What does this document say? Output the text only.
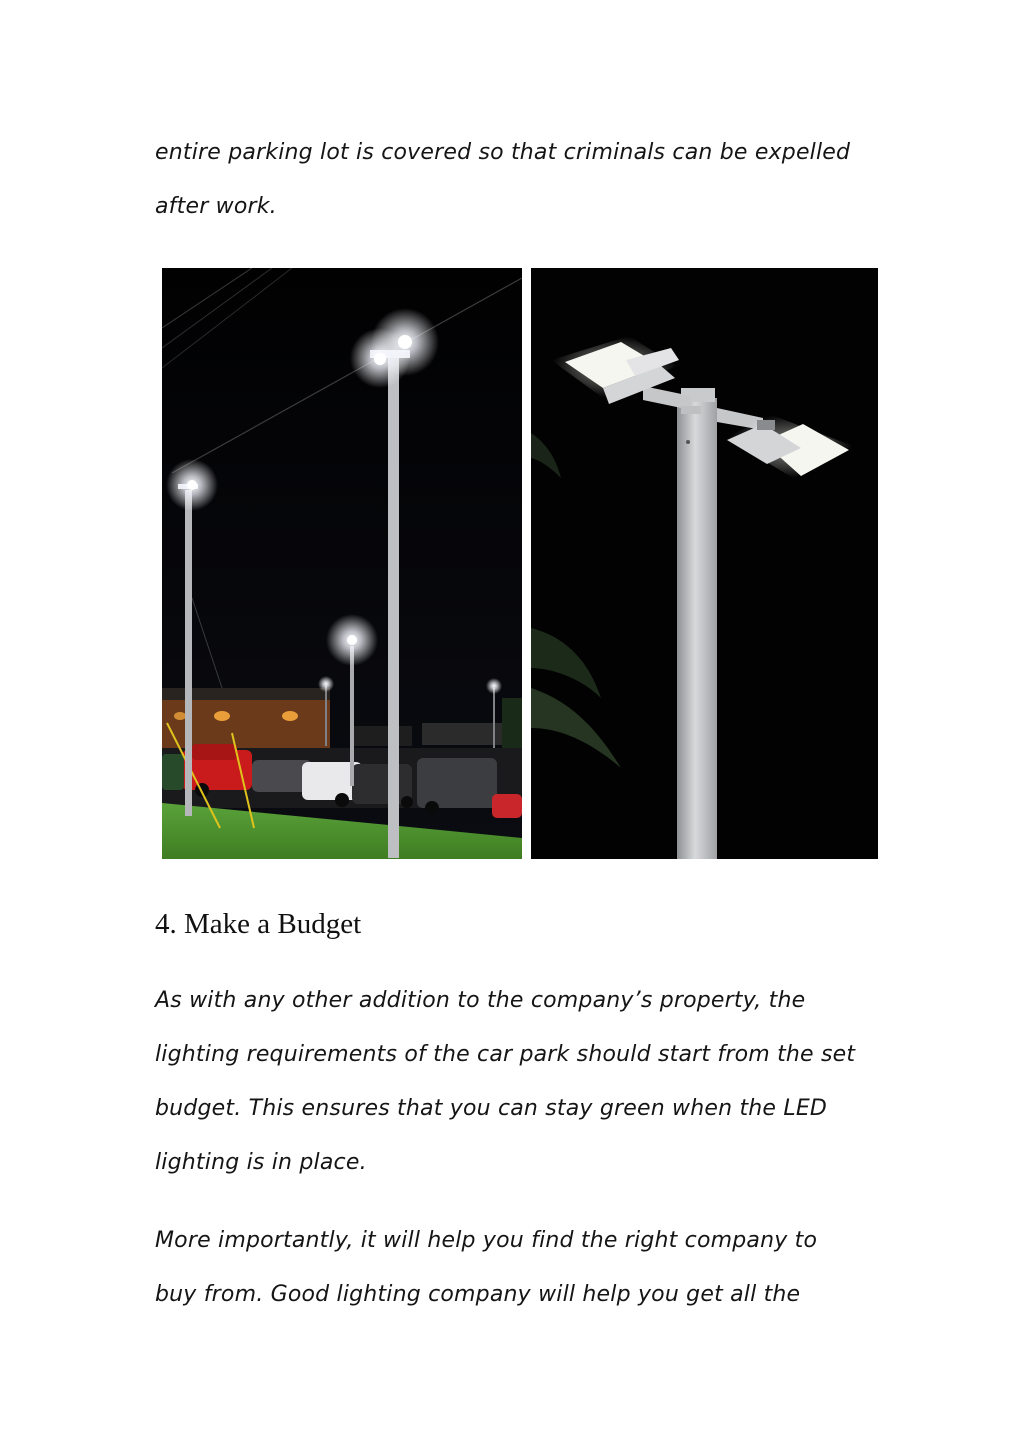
entire parking lot is covered so that criminals can be expelled
after work.
4. Make a Budget
As with any other addition to the company’s property, the
lighting requirements of the car park should start from the set
budget. This ensures that you can stay green when the LED
lighting is in place.
More importantly, it will help you find the right company to
buy from. Good lighting company will help you get all the
